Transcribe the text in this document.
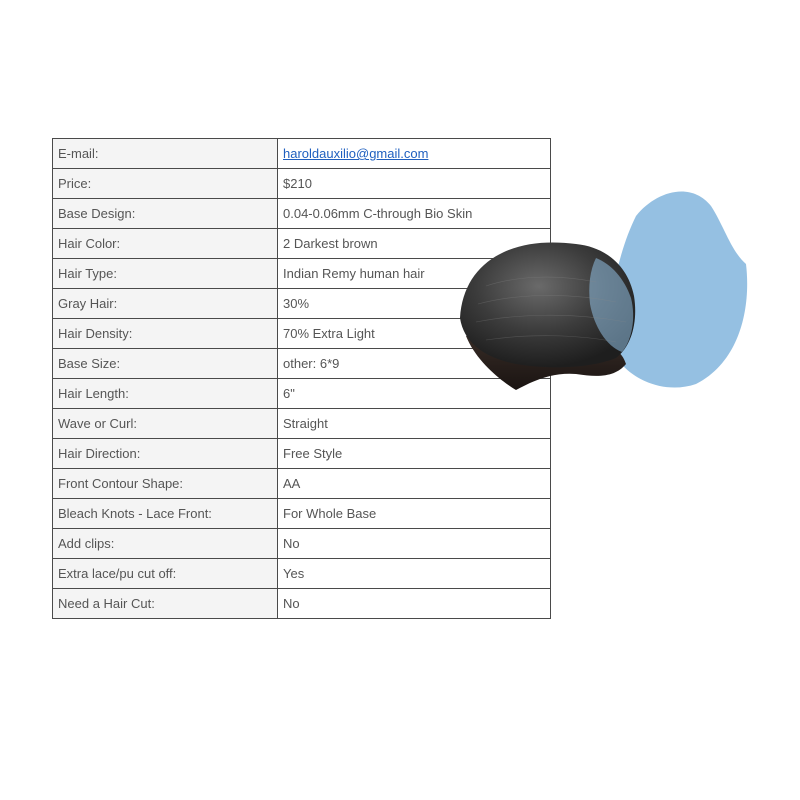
E-mail:	haroldauxilio@gmail.com
Price:	$210
Base Design:	0.04-0.06mm C-through Bio Skin
Hair Color:	2 Darkest brown
Hair Type:	Indian Remy human hair
Gray Hair:	30%
Hair Density:	70% Extra Light
Base Size:	other: 6*9
Hair Length:	6"
Wave or Curl:	Straight
Hair Direction:	Free Style
Front Contour Shape:	AA
Bleach Knots - Lace Front:	For Whole Base
Add clips:	No
Extra lace/pu cut off:	Yes
Need a Hair Cut:	No
